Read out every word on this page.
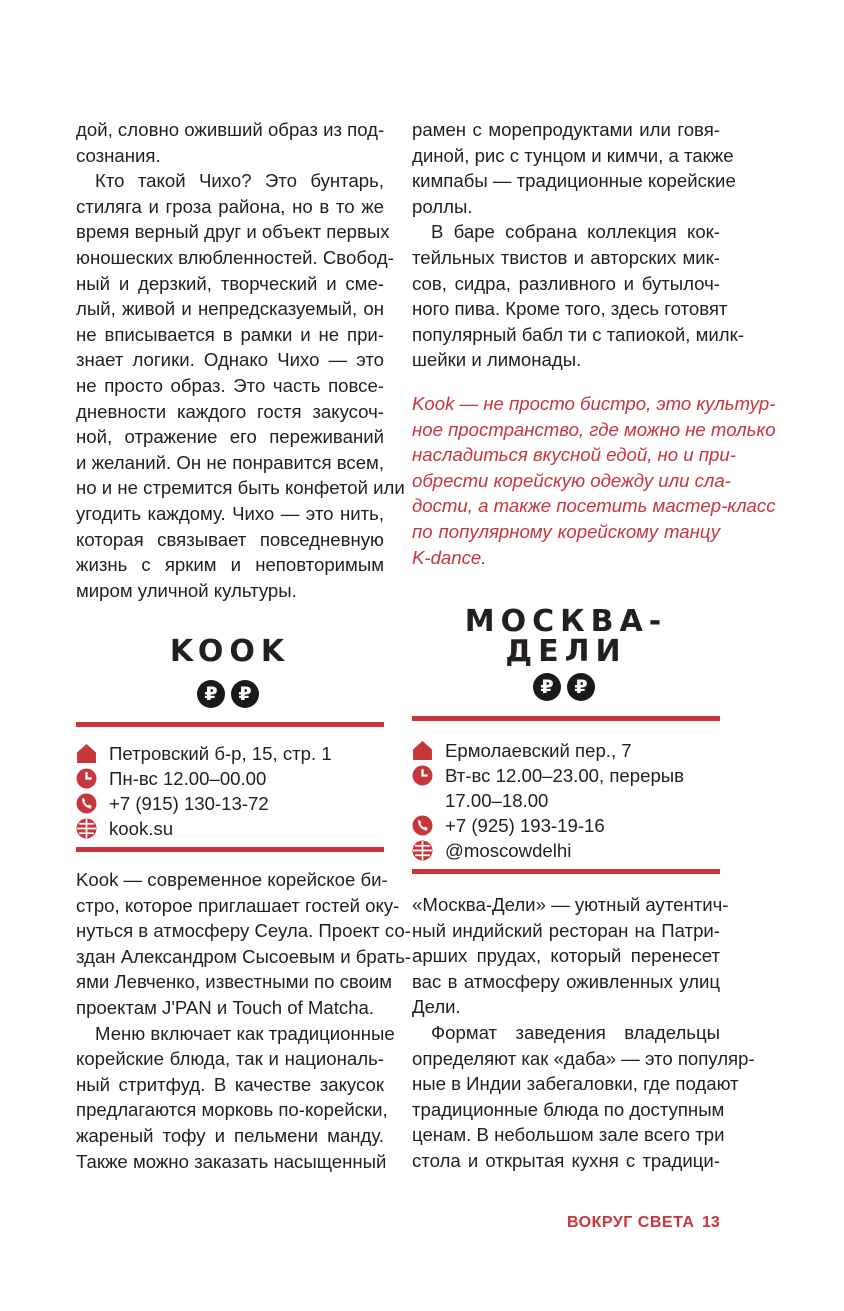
дой, словно оживший образ из под-

сознания.

Кто такой Чихо? Это бунтарь,

стиляга и гроза района, но в то же

время верный друг и объект первых

юношеских влюбленностей. Свобод-

ный и дерзкий, творческий и сме-

лый, живой и непредсказуемый, он

не вписывается в рамки и не при-

знает логики. Однако Чихо — это

не просто образ. Это часть повсе-

дневности каждого гостя закусоч-

ной, отражение его переживаний

и желаний. Он не понравится всем,

но и не стремится быть конфетой или

угодить каждому. Чихо — это нить,

которая связывает повседневную

жизнь с ярким и неповторимым

миром уличной культуры.

рамен с морепродуктами или говя-

диной, рис с тунцом и кимчи, а также

кимпабы — традиционные корейские

роллы.

В баре собрана коллекция кок-

тейльных твистов и авторских мик-

сов, сидра, разливного и бутылоч-

ного пива. Кроме того, здесь готовят

популярный бабл ти с тапиокой, милк-

шейки и лимонады.

Kook — не просто бистро, это культур-

ное пространство, где можно не только

насладиться вкусной едой, но и при-

обрести корейскую одежду или сла-

дости, а также посетить мастер-класс

по популярному корейскому танцу

K-dance.

KOOK
₽	₽
МОСКВА-
ДЕЛИ
₽	₽
Петровский б-р, 15, стр. 1
Пн-вс 12.00–00.00
+7 (915) 130-13-72
kook.su
Ермолаевский пер., 7
Вт-вс 12.00–23.00, перерыв
17.00–18.00
+7 (925) 193-19-16
@moscowdelhi

Kook — современное корейское би-

стро, которое приглашает гостей оку-

нуться в атмосферу Сеула. Проект со-

здан Александром Сысоевым и брать-

ями Левченко, известными по своим

проектам J'PAN и Touch of Matcha.

Меню включает как традиционные

корейские блюда, так и националь-

ный стритфуд. В качестве закусок

предлагаются морковь по-корейски,

жареный тофу и пельмени манду.

Также можно заказать насыщенный

«Москва-Дели» — уютный аутентич-

ный индийский ресторан на Патри-

арших прудах, который перенесет

вас в атмосферу оживленных улиц

Дели.

Формат заведения владельцы

определяют как «даба» — это популяр-

ные в Индии забегаловки, где подают

традиционные блюда по доступным

ценам. В небольшом зале всего три

стола и открытая кухня с традици-

ВОКРУГ СВЕТА 13
